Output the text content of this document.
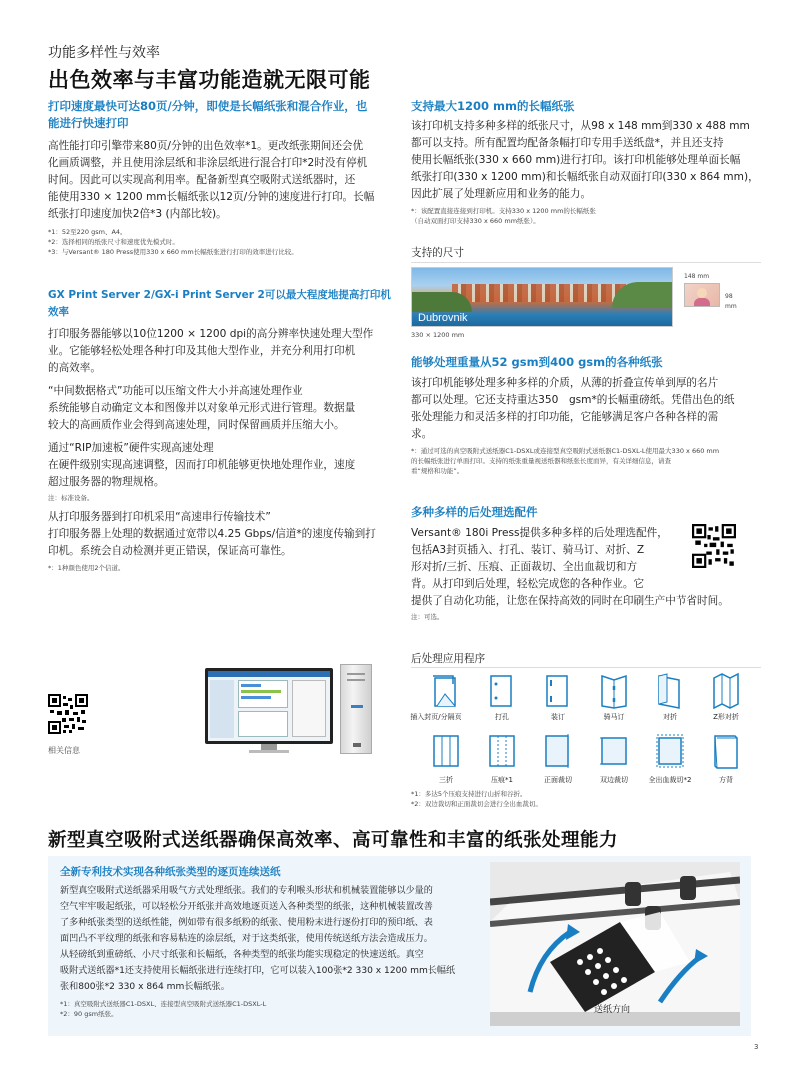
功能多样性与效率
出色效率与丰富功能造就无限可能
打印速度最快可达80页/分钟，即使是长幅纸张和混合作业，也
能进行快速打印
高性能打印引擎带来80页/分钟的出色效率*1。更改纸张期间还会优
化画质调整，并且使用涂层纸和非涂层纸进行混合打印*2时没有停机
时间。因此可以实现高利用率。配备新型真空吸附式送纸器时，还
能使用330 × 1200 mm长幅纸张以12页/分钟的速度进行打印。长幅
纸张打印速度加快2倍*3 (内部比较)。
*1：52至220 gsm、A4。
*2：选择相同的纸张尺寸和速度优先模式时。
*3：与Versant® 180 Press使用330 x 660 mm长幅纸张进行打印的效率进行比较。
GX Print Server 2/GX-i Print Server 2可以最大程度地提高打印机效率
打印服务器能够以10位1200 × 1200 dpi的高分辨率快速处理大型作
业。它能够轻松处理各种打印及其他大型作业，并充分利用打印机
的高效率。
“中间数据格式”功能可以压缩文件大小并高速处理作业
系统能够自动确定文本和图像并以对象单元形式进行管理。数据量
较大的高画质作业会得到高速处理，同时保留画质并压缩大小。
通过“RIP加速板”硬件实现高速处理
在硬件级别实现高速调整，因而打印机能够更快地处理作业，速度
超过服务器的物理规格。
注：标准设备。
从打印服务器到打印机采用“高速串行传输技术”
打印服务器上处理的数据通过宽带以4.25 Gbps/信道*的速度传输到打
印机。系统会自动检测并更正错误，保证高可靠性。
*：1种颜色使用2个信道。
相关信息
支持最大1200 mm的长幅纸张
该打印机支持多种多样的纸张尺寸，从98 x 148 mm到330 x 488 mm
都可以支持。所有配置均配备条幅打印专用手送纸盘*，并且还支持
使用长幅纸张(330 x 660 mm)进行打印。该打印机能够处理单面长幅
纸张打印(330 x 1200 mm)和长幅纸张自动双面打印(330 x 864 mm)，
因此扩展了处理新应用和业务的能力。
*：该配置直接连接到打印机。支持330 x 1200 mm的长幅纸张
（自动双面打印支持330 x 660 mm纸张）。
支持的尺寸
Dubrovnik
330 × 1200 mm
148 mm
98 mm
能够处理重量从52 gsm到400 gsm的各种纸张
该打印机能够处理多种多样的介质，从薄的折叠宣传单到厚的名片
都可以处理。它还支持重达350　gsm*的长幅重磅纸。凭借出色的纸
张处理能力和灵活多样的打印功能，它能够满足客户各种各样的需
求。
*：通过可选的真空吸附式送纸器C1-DSXL或连接型真空吸附式送纸器C1-DSXL-L使用最大330 x 660 mm
的长幅纸张进行单面打印。支持的纸张重量视送纸器和纸张长度而异，有关详细信息，请查
看“规格和功能”。
多种多样的后处理选配件
Versant® 180i Press提供多种多样的后处理选配件，
包括A3封页插入、打孔、装订、骑马订、对折、Z
形对折/三折、压痕、正面裁切、全出血裁切和方
背。从打印到后处理，轻松完成您的各种作业。它
提供了自动化功能，让您在保持高效的同时在印刷生产中节省时间。
注：可选。
后处理应用程序
插入封页/分隔页	打孔	装订	骑马订	对折	Z形对折
三折	压痕*1	正面裁切	双边裁切	全出血裁切*2	方背
*1：多达5个压痕支持进行山折和谷折。
*2：双边裁切和正面裁切会进行全出血裁切。
新型真空吸附式送纸器确保高效率、高可靠性和丰富的纸张处理能力
全新专利技术实现各种纸张类型的逐页连续送纸
新型真空吸附式送纸器采用吸气方式处理纸张。我们的专利喉头形状和机械装置能够以少量的
空气牢牢吸起纸张，可以轻松分开纸张并高效地逐页送入各种类型的纸张，这种机械装置改善
了多种纸张类型的送纸性能，例如带有很多纸粉的纸张、使用粉末进行逐份打印的预印纸、表
面凹凸不平纹理的纸张和容易粘连的涂层纸，对于这类纸张，使用传统送纸方法会造成压力。
从轻磅纸到重磅纸、小尺寸纸张和长幅纸，各种类型的纸张均能实现稳定的快速送纸。真空
吸附式送纸器*1还支持使用长幅纸张进行连续打印，它可以装入100张*2 330 x 1200 mm长幅纸
张和800张*2 330 x 864 mm长幅纸张。
*1：真空吸附式送纸器C1-DSXL、连接型真空吸附式送纸器C1-DSXL-L
*2：90 gsm纸张。	送纸方向
3
